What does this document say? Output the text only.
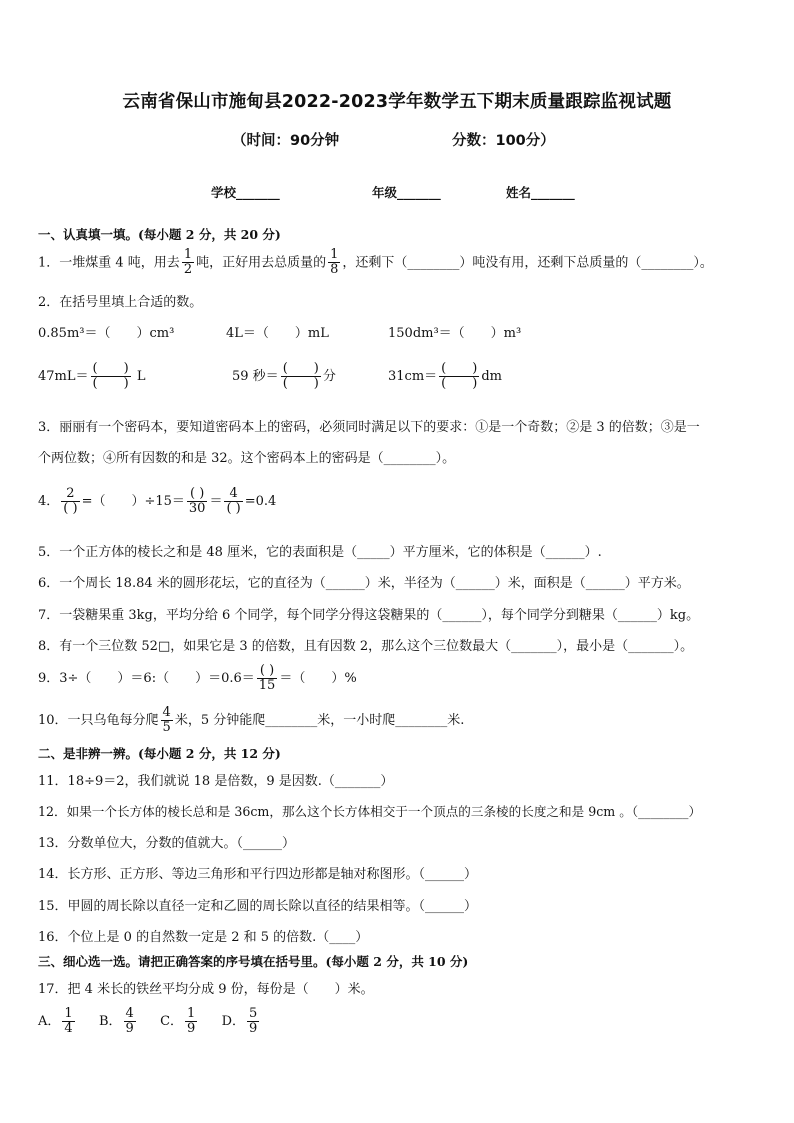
云南省保山市施甸县2022-2023学年数学五下期末质量跟踪监视试题
（时间：90分钟	分数：100分）
学校_______	年级_______	姓名_______
一、认真填一填。(每小题 2 分，共 20 分)
1．一堆煤重 4 吨，用去 $\frac{1}{2}$ 吨，正好用去总质量的 $\frac{1}{8}$ ，还剩下（________）吨没有用，还剩下总质量的（________）。
2．在括号里填上合适的数。
0.85m³＝（　　）cm³	4L＝（　　）mL	150dm³＝（　　）m³
$47mL= \frac{( )}{( )}$ L	59 秒＝ $\frac{( )}{( )}$ 分	$31cm= \frac{( )}{( )}$ dm
3．丽丽有一个密码本，要知道密码本上的密码，必须同时满足以下的要求：①是一个奇数；②是 3 的倍数；③是一
个两位数；④所有因数的和是 32。这个密码本上的密码是（________）。
4． $\frac{2}{( )}$ =（　　）$\div 15= \frac{( )}{30} = \frac{4}{( )} =0.4$
5．一个正方体的棱长之和是 48 厘米，它的表面积是（_____）平方厘米，它的体积是（______）.
6．一个周长 18.84 米的圆形花坛，它的直径为（______）米，半径为（______）米，面积是（______）平方米。
7．一袋糖果重 3kg，平均分给 6 个同学，每个同学分得这袋糖果的（______），每个同学分到糖果（______）kg。
8．有一个三位数 52□，如果它是 3 的倍数，且有因数 2，那么这个三位数最大（_______），最小是（_______）。
9．3÷（　　）＝6:（　　）$=0.6= \frac{( )}{15}$ ＝（　　）%
10．一只乌龟每分爬 $\frac{4}{5}$ 米，5 分钟能爬________米，一小时爬________米.
二、是非辨一辨。(每小题 2 分，共 12 分)
11．18÷9＝2，我们就说 18 是倍数，9 是因数.（_______）
12．如果一个长方体的棱长总和是 36cm，那么这个长方体相交于一个顶点的三条棱的长度之和是 9cm 。（________）
13．分数单位大，分数的值就大。（______）
14．长方形、正方形、等边三角形和平行四边形都是轴对称图形。（______）
15．甲圆的周长除以直径一定和乙圆的周长除以直径的结果相等。（______）
16．个位上是 0 的自然数一定是 2 和 5 的倍数.（____）
三、细心选一选。请把正确答案的序号填在括号里。(每小题 2 分，共 10 分)
17．把 4 米长的铁丝平均分成 9 份，每份是（　　）米。
A． $\frac{1}{4}$ B． $\frac{4}{9}$ C． $\frac{1}{9}$ D． $\frac{5}{9}$
